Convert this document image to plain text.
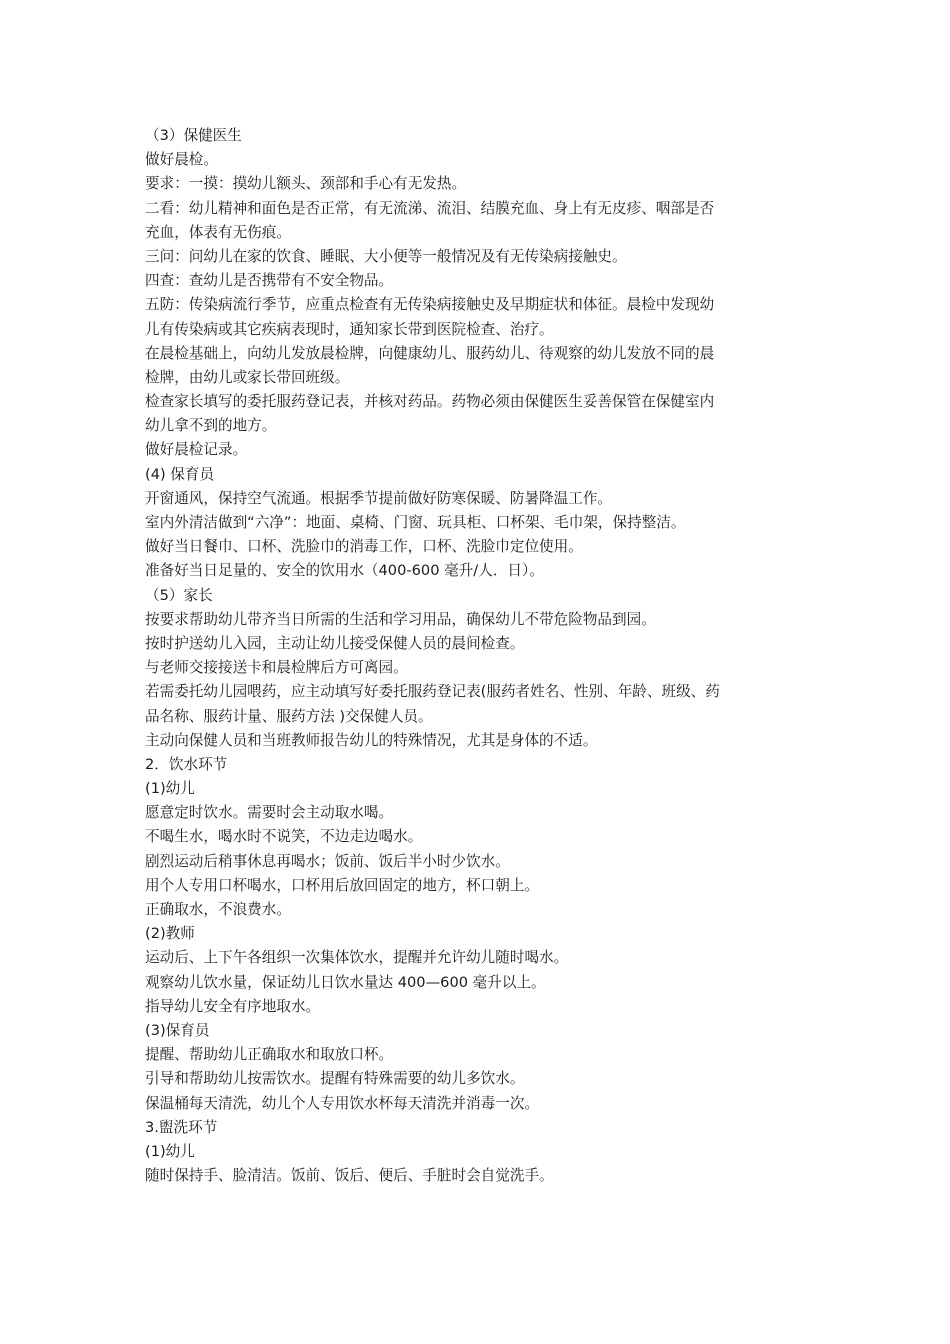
（3）保健医生
做好晨检。
要求：一摸：摸幼儿额头、颈部和手心有无发热。
二看：幼儿精神和面色是否正常，有无流涕、流泪、结膜充血、身上有无皮疹、咽部是否
充血，体表有无伤痕。
三问：问幼儿在家的饮食、睡眠、大小便等一般情况及有无传染病接触史。
四查：查幼儿是否携带有不安全物品。
五防：传染病流行季节，应重点检查有无传染病接触史及早期症状和体征。晨检中发现幼
儿有传染病或其它疾病表现时，通知家长带到医院检查、治疗。
在晨检基础上，向幼儿发放晨检牌，向健康幼儿、服药幼儿、待观察的幼儿发放不同的晨
检牌，由幼儿或家长带回班级。
检查家长填写的委托服药登记表，并核对药品。药物必须由保健医生妥善保管在保健室内
幼儿拿不到的地方。
做好晨检记录。
(4) 保育员
开窗通风，保持空气流通。根据季节提前做好防寒保暖、防暑降温工作。
室内外清洁做到“六净”：地面、桌椅、门窗、玩具柜、口杯架、毛巾架，保持整洁。
做好当日餐巾、口杯、洗脸巾的消毒工作，口杯、洗脸巾定位使用。
准备好当日足量的、安全的饮用水（400-600 毫升/人．日）。
（5）家长
按要求帮助幼儿带齐当日所需的生活和学习用品，确保幼儿不带危险物品到园。
按时护送幼儿入园，主动让幼儿接受保健人员的晨间检查。
与老师交接接送卡和晨检牌后方可离园。
若需委托幼儿园喂药，应主动填写好委托服药登记表(服药者姓名、性别、年龄、班级、药
品名称、服药计量、服药方法 )交保健人员。
主动向保健人员和当班教师报告幼儿的特殊情况，尤其是身体的不适。
2．饮水环节
(1)幼儿
愿意定时饮水。需要时会主动取水喝。
不喝生水，喝水时不说笑，不边走边喝水。
剧烈运动后稍事休息再喝水；饭前、饭后半小时少饮水。
用个人专用口杯喝水，口杯用后放回固定的地方，杯口朝上。
正确取水，不浪费水。
(2)教师
运动后、上下午各组织一次集体饮水，提醒并允许幼儿随时喝水。
观察幼儿饮水量，保证幼儿日饮水量达 400—600 毫升以上。
指导幼儿安全有序地取水。
(3)保育员
提醒、帮助幼儿正确取水和取放口杯。
引导和帮助幼儿按需饮水。提醒有特殊需要的幼儿多饮水。
保温桶每天清洗，幼儿个人专用饮水杯每天清洗并消毒一次。
3.盥洗环节
(1)幼儿
随时保持手、脸清洁。饭前、饭后、便后、手脏时会自觉洗手。
